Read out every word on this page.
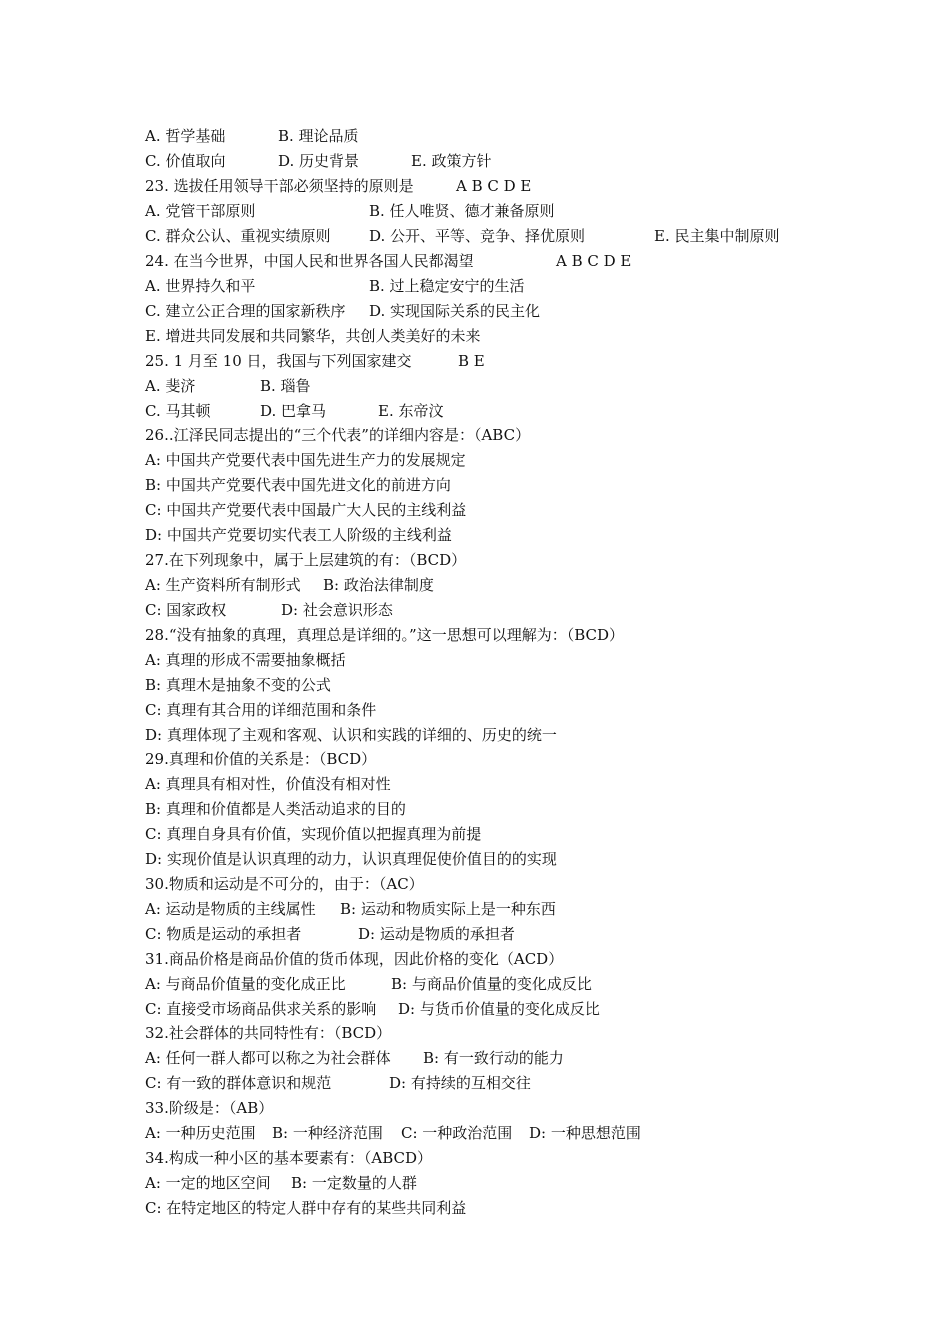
A. 哲学基础	B. 理论品质
C. 价值取向	D. 历史背景	E. 政策方针
23. 选拔任用领导干部必须坚持的原则是	A B C D E
A. 党管干部原则	B. 任人唯贤、德才兼备原则
C. 群众公认、重视实绩原则	D. 公开、平等、竞争、择优原则	E. 民主集中制原则
24. 在当今世界，中国人民和世界各国人民都渴望	A B C D E
A. 世界持久和平	B. 过上稳定安宁的生活
C. 建立公正合理的国家新秩序 D. 实现国际关系的民主化
E. 增进共同发展和共同繁华，共创人类美好的未来
25. 1 月至 10 日，我国与下列国家建交	B E
A. 斐济	B. 瑙鲁
C. 马其顿	D. 巴拿马	E. 东帝汶
26..江泽民同志提出的“三个代表”的详细内容是：（ABC）
A: 中国共产党要代表中国先进生产力的发展规定
B: 中国共产党要代表中国先进文化的前进方向
C: 中国共产党要代表中国最广大人民的主线利益
D: 中国共产党要切实代表工人阶级的主线利益
27.在下列现象中，属于上层建筑的有：（BCD）
A: 生产资料所有制形式 B: 政治法律制度
C: 国家政权	D: 社会意识形态
28.“没有抽象的真理，真理总是详细的。”这一思想可以理解为：（BCD）
A: 真理的形成不需要抽象概括
B: 真理木是抽象不变的公式
C: 真理有其合用的详细范围和条件
D: 真理体现了主观和客观、认识和实践的详细的、历史的统一
29.真理和价值的关系是：（BCD）
A: 真理具有相对性，价值没有相对性
B: 真理和价值都是人类活动追求的目的
C: 真理自身具有价值，实现价值以把握真理为前提
D: 实现价值是认识真理的动力，认识真理促使价值目的的实现
30.物质和运动是不可分的，由于：（AC）
A: 运动是物质的主线属性 B: 运动和物质实际上是一种东西
C: 物质是运动的承担者	D: 运动是物质的承担者
31.商品价格是商品价值的货币体现，因此价格的变化（ACD）
A: 与商品价值量的变化成正比	B: 与商品价值量的变化成反比
C: 直接受市场商品供求关系的影响 D: 与货币价值量的变化成反比
32.社会群体的共同特性有：（BCD）
A: 任何一群人都可以称之为社会群体 B: 有一致行动的能力
C: 有一致的群体意识和规范	D: 有持续的互相交往
33.阶级是：（AB）
A: 一种历史范围 B: 一种经济范围 C: 一种政治范围 D: 一种思想范围
34.构成一种小区的基本要素有：（ABCD）
A: 一定的地区空间 B: 一定数量的人群
C: 在特定地区的特定人群中存有的某些共同利益
